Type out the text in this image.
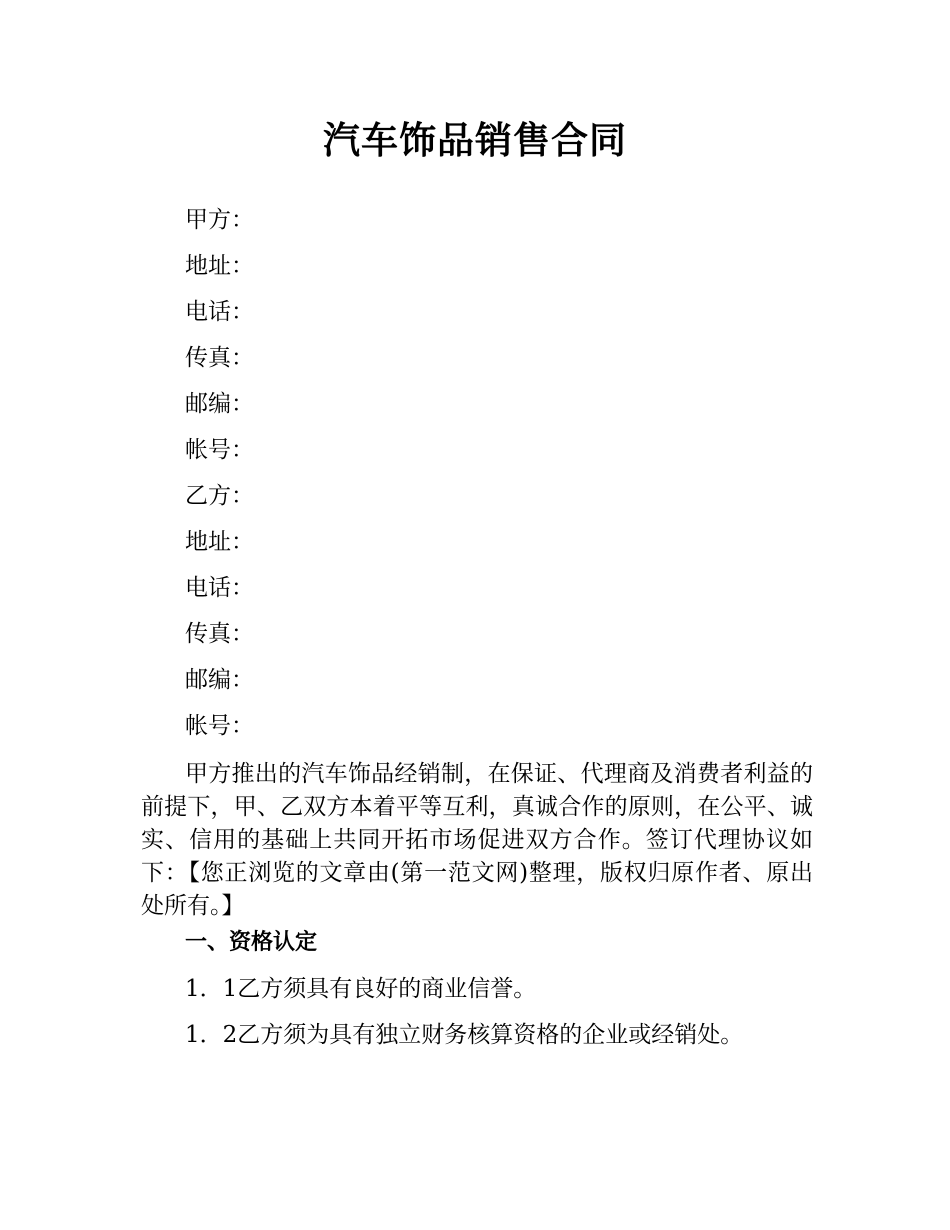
汽车饰品销售合同
甲方：
地址：
电话：
传真：
邮编：
帐号：
乙方：
地址：
电话：
传真：
邮编：
帐号：

甲方推出的汽车饰品经销制，在保证、代理商及消费者利益的前提下，甲、乙双方本着平等互利，真诚合作的原则，在公平、诚实、信用的基础上共同开拓市场促进双方合作。签订代理协议如下：【您正浏览的文章由(第一范文网)整理，版权归原作者、原出处所有。】

一、资格认定

1．1乙方须具有良好的商业信誉。

1．2乙方须为具有独立财务核算资格的企业或经销处。
